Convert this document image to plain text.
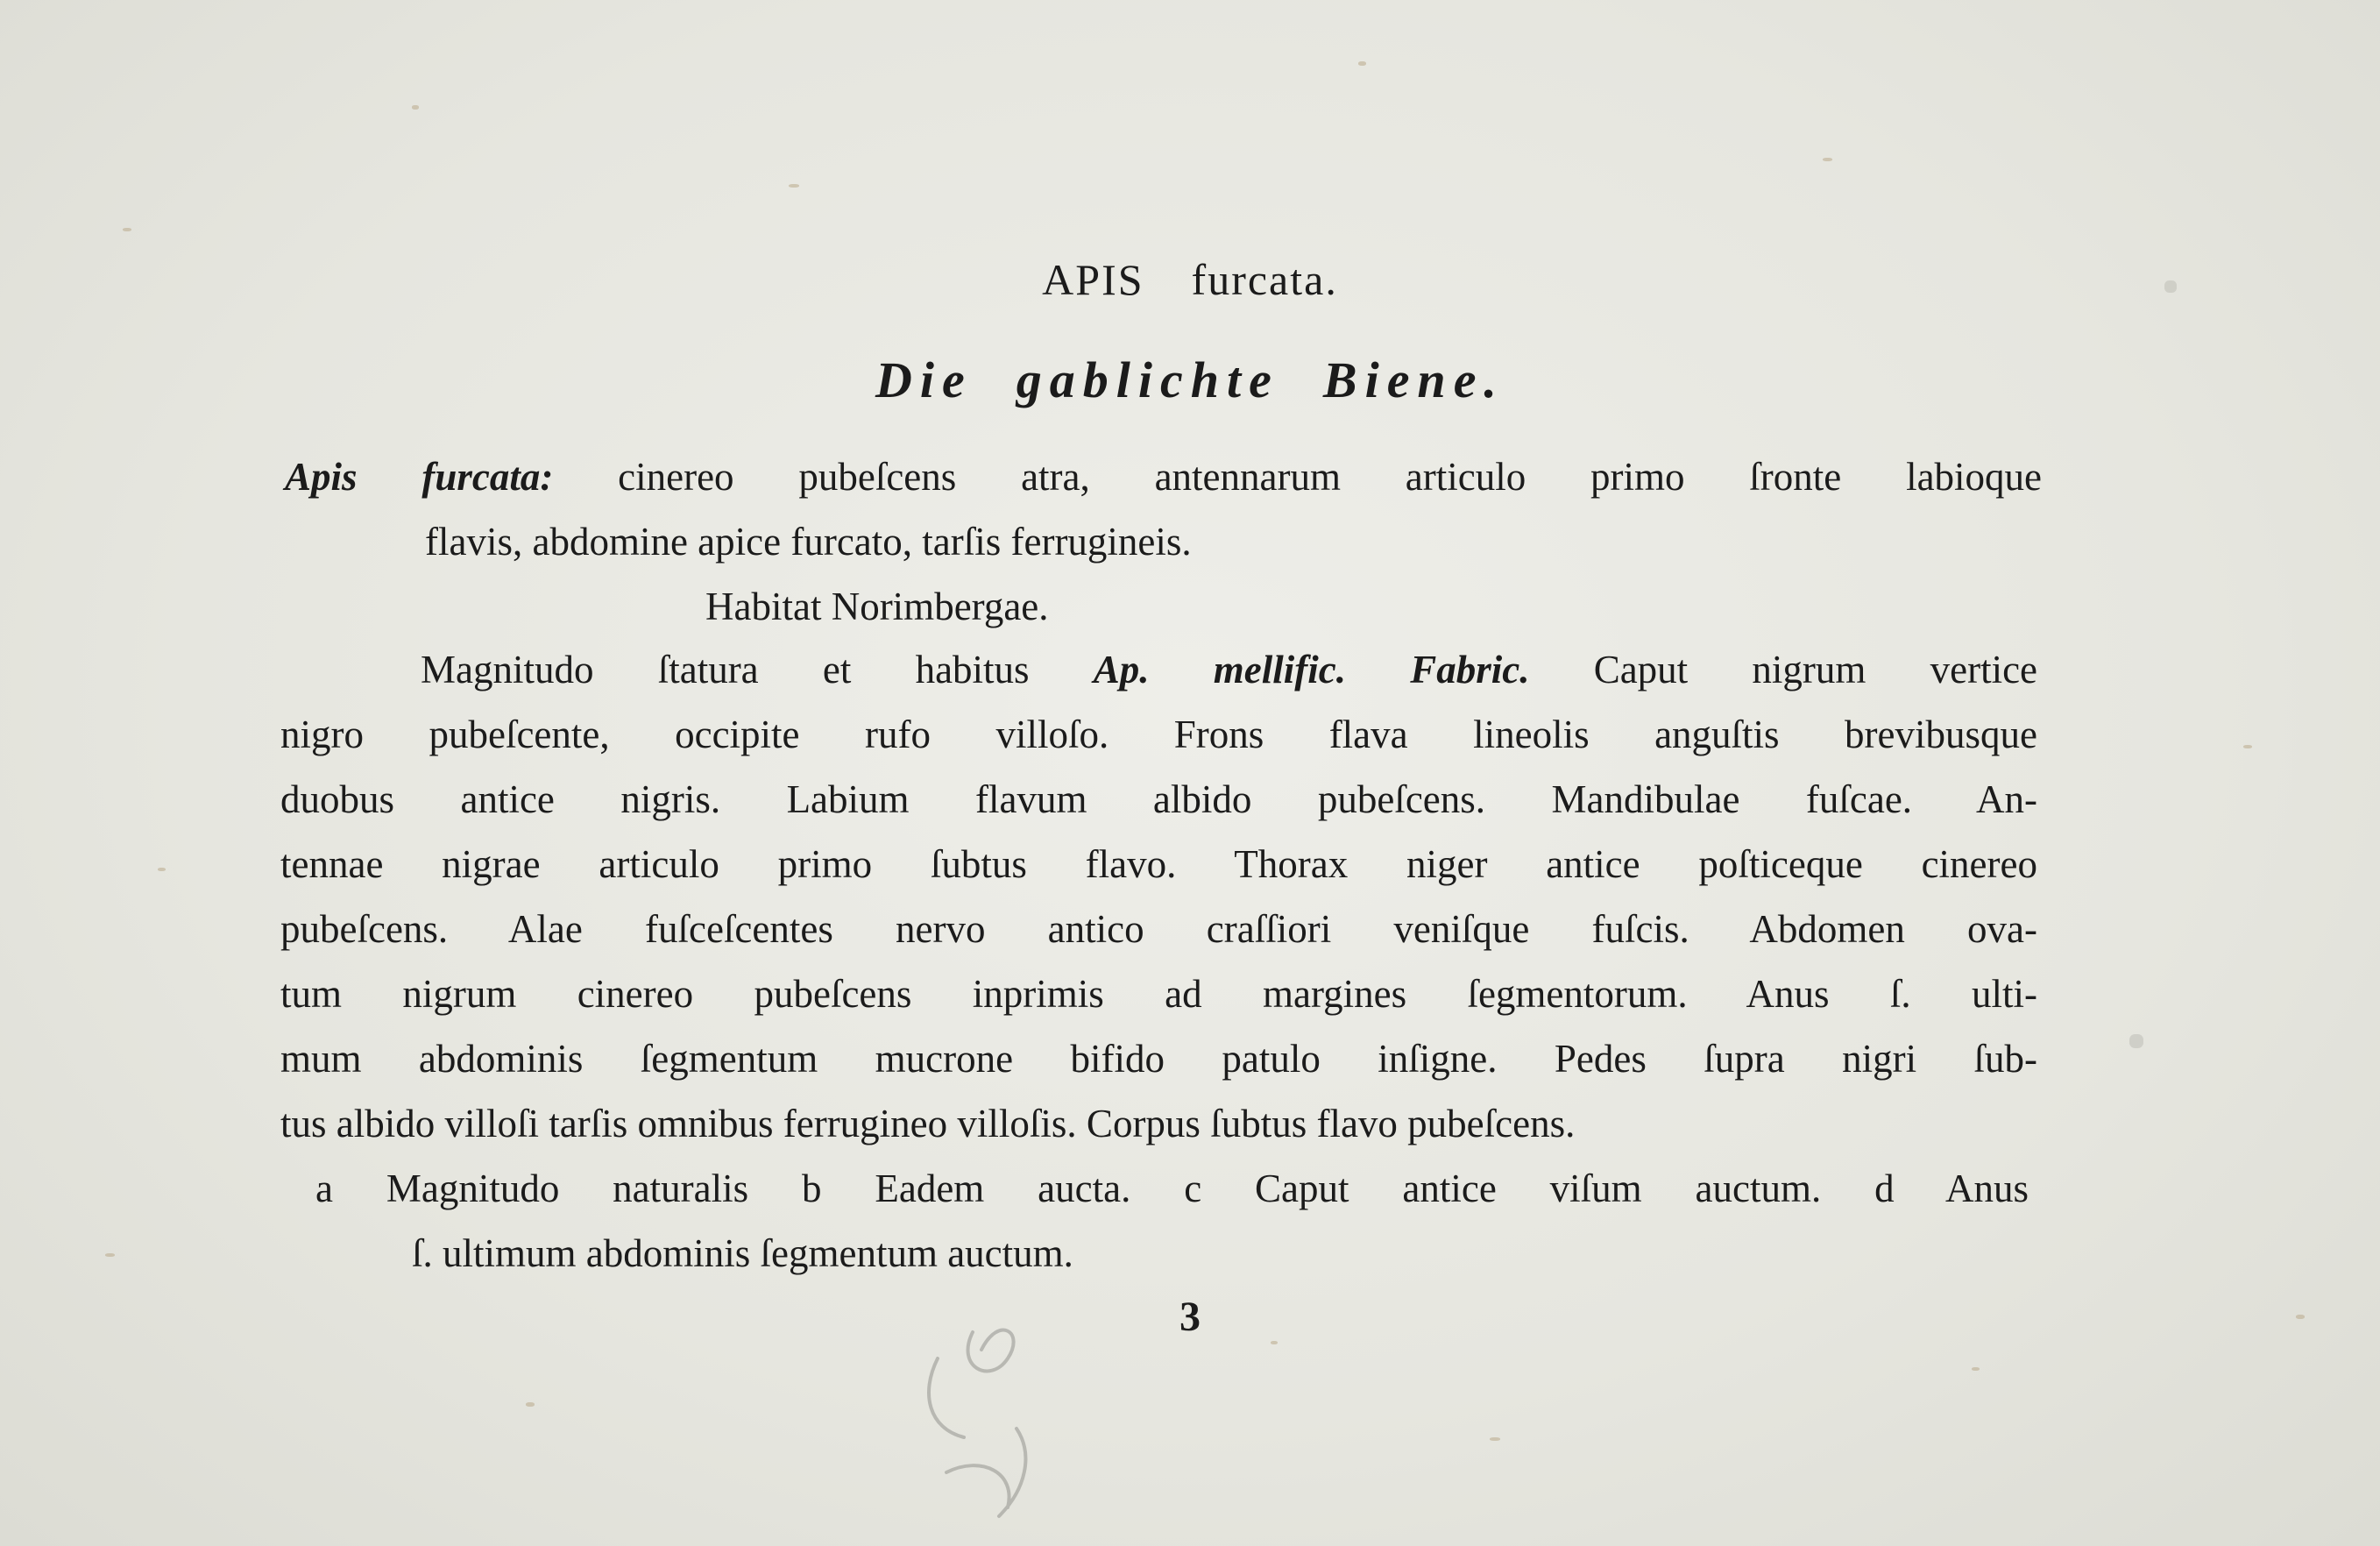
APIS furcata.
Die gablichte Biene.
Apis furcata: cinereo pubeſcens atra, antennarum articulo primo ſronte labioque
flavis, abdomine apice furcato, tarſis ferrugineis.
Habitat Norimbergae.
Magnitudo ſtatura et habitus Ap. mellific. Fabric. Caput nigrum vertice
nigro pubeſcente, occipite rufo villoſo. Frons flava lineolis anguſtis brevibusque
duobus antice nigris. Labium flavum albido pubeſcens. Mandibulae fuſcae. An-
tennae nigrae articulo primo ſubtus flavo. Thorax niger antice poſticeque cinereo
pubeſcens. Alae fuſceſcentes nervo antico craſſiori veniſque fuſcis. Abdomen ova-
tum nigrum cinereo pubeſcens inprimis ad margines ſegmentorum. Anus ſ. ulti-
mum abdominis ſegmentum mucrone bifido patulo inſigne. Pedes ſupra nigri ſub-
tus albido villoſi tarſis omnibus ferrugineo villoſis. Corpus ſubtus flavo pubeſcens.
a Magnitudo naturalis b Eadem aucta. c Caput antice viſum auctum. d Anus
ſ. ultimum abdominis ſegmentum auctum.
3
